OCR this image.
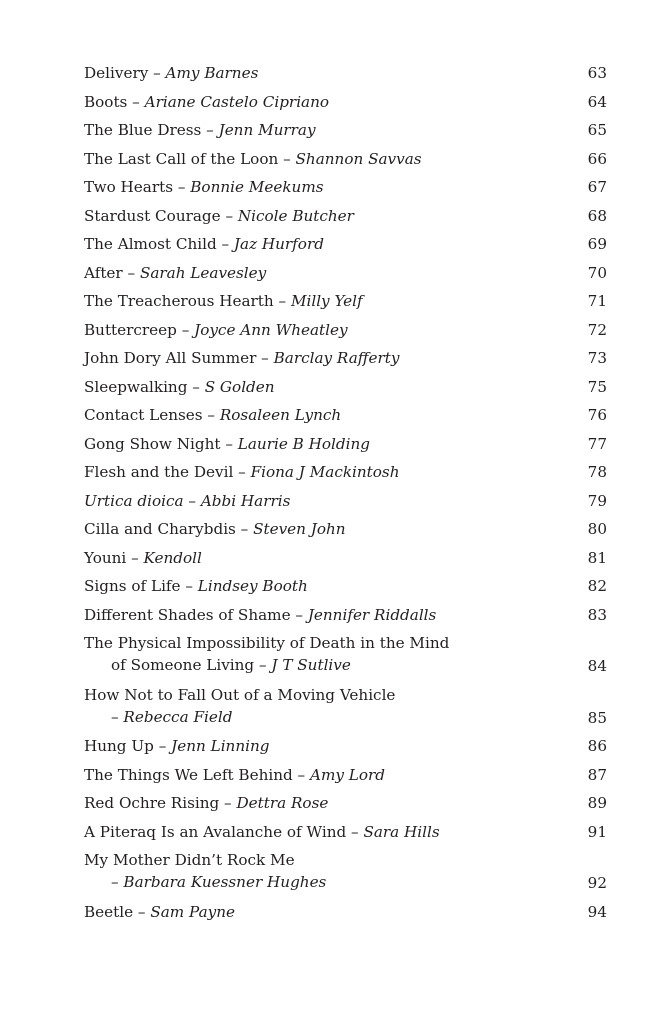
Delivery – Amy Barnes	63
Boots – Ariane Castelo Cipriano	64
The Blue Dress – Jenn Murray	65
The Last Call of the Loon – Shannon Savvas	66
Two Hearts – Bonnie Meekums	67
Stardust Courage – Nicole Butcher	68
The Almost Child – Jaz Hurford	69
After – Sarah Leavesley	70
The Treacherous Hearth – Milly Yelf	71
Buttercreep – Joyce Ann Wheatley	72
John Dory All Summer – Barclay Rafferty	73
Sleepwalking – S Golden	75
Contact Lenses – Rosaleen Lynch	76
Gong Show Night – Laurie B Holding	77
Flesh and the Devil – Fiona J Mackintosh	78
Urtica dioica – Abbi Harris	79
Cilla and Charybdis – Steven John	80
Youni – Kendoll	81
Signs of Life – Lindsey Booth	82
Different Shades of Shame – Jennifer Riddalls	83
The Physical Impossibility of Death in the Mind
of Someone Living – J T Sutlive	84
How Not to Fall Out of a Moving Vehicle
– Rebecca Field	85
Hung Up – Jenn Linning	86
The Things We Left Behind – Amy Lord	87
Red Ochre Rising – Dettra Rose	89
A Piteraq Is an Avalanche of Wind – Sara Hills	91
My Mother Didn’t Rock Me
– Barbara Kuessner Hughes	92
Beetle – Sam Payne	94
